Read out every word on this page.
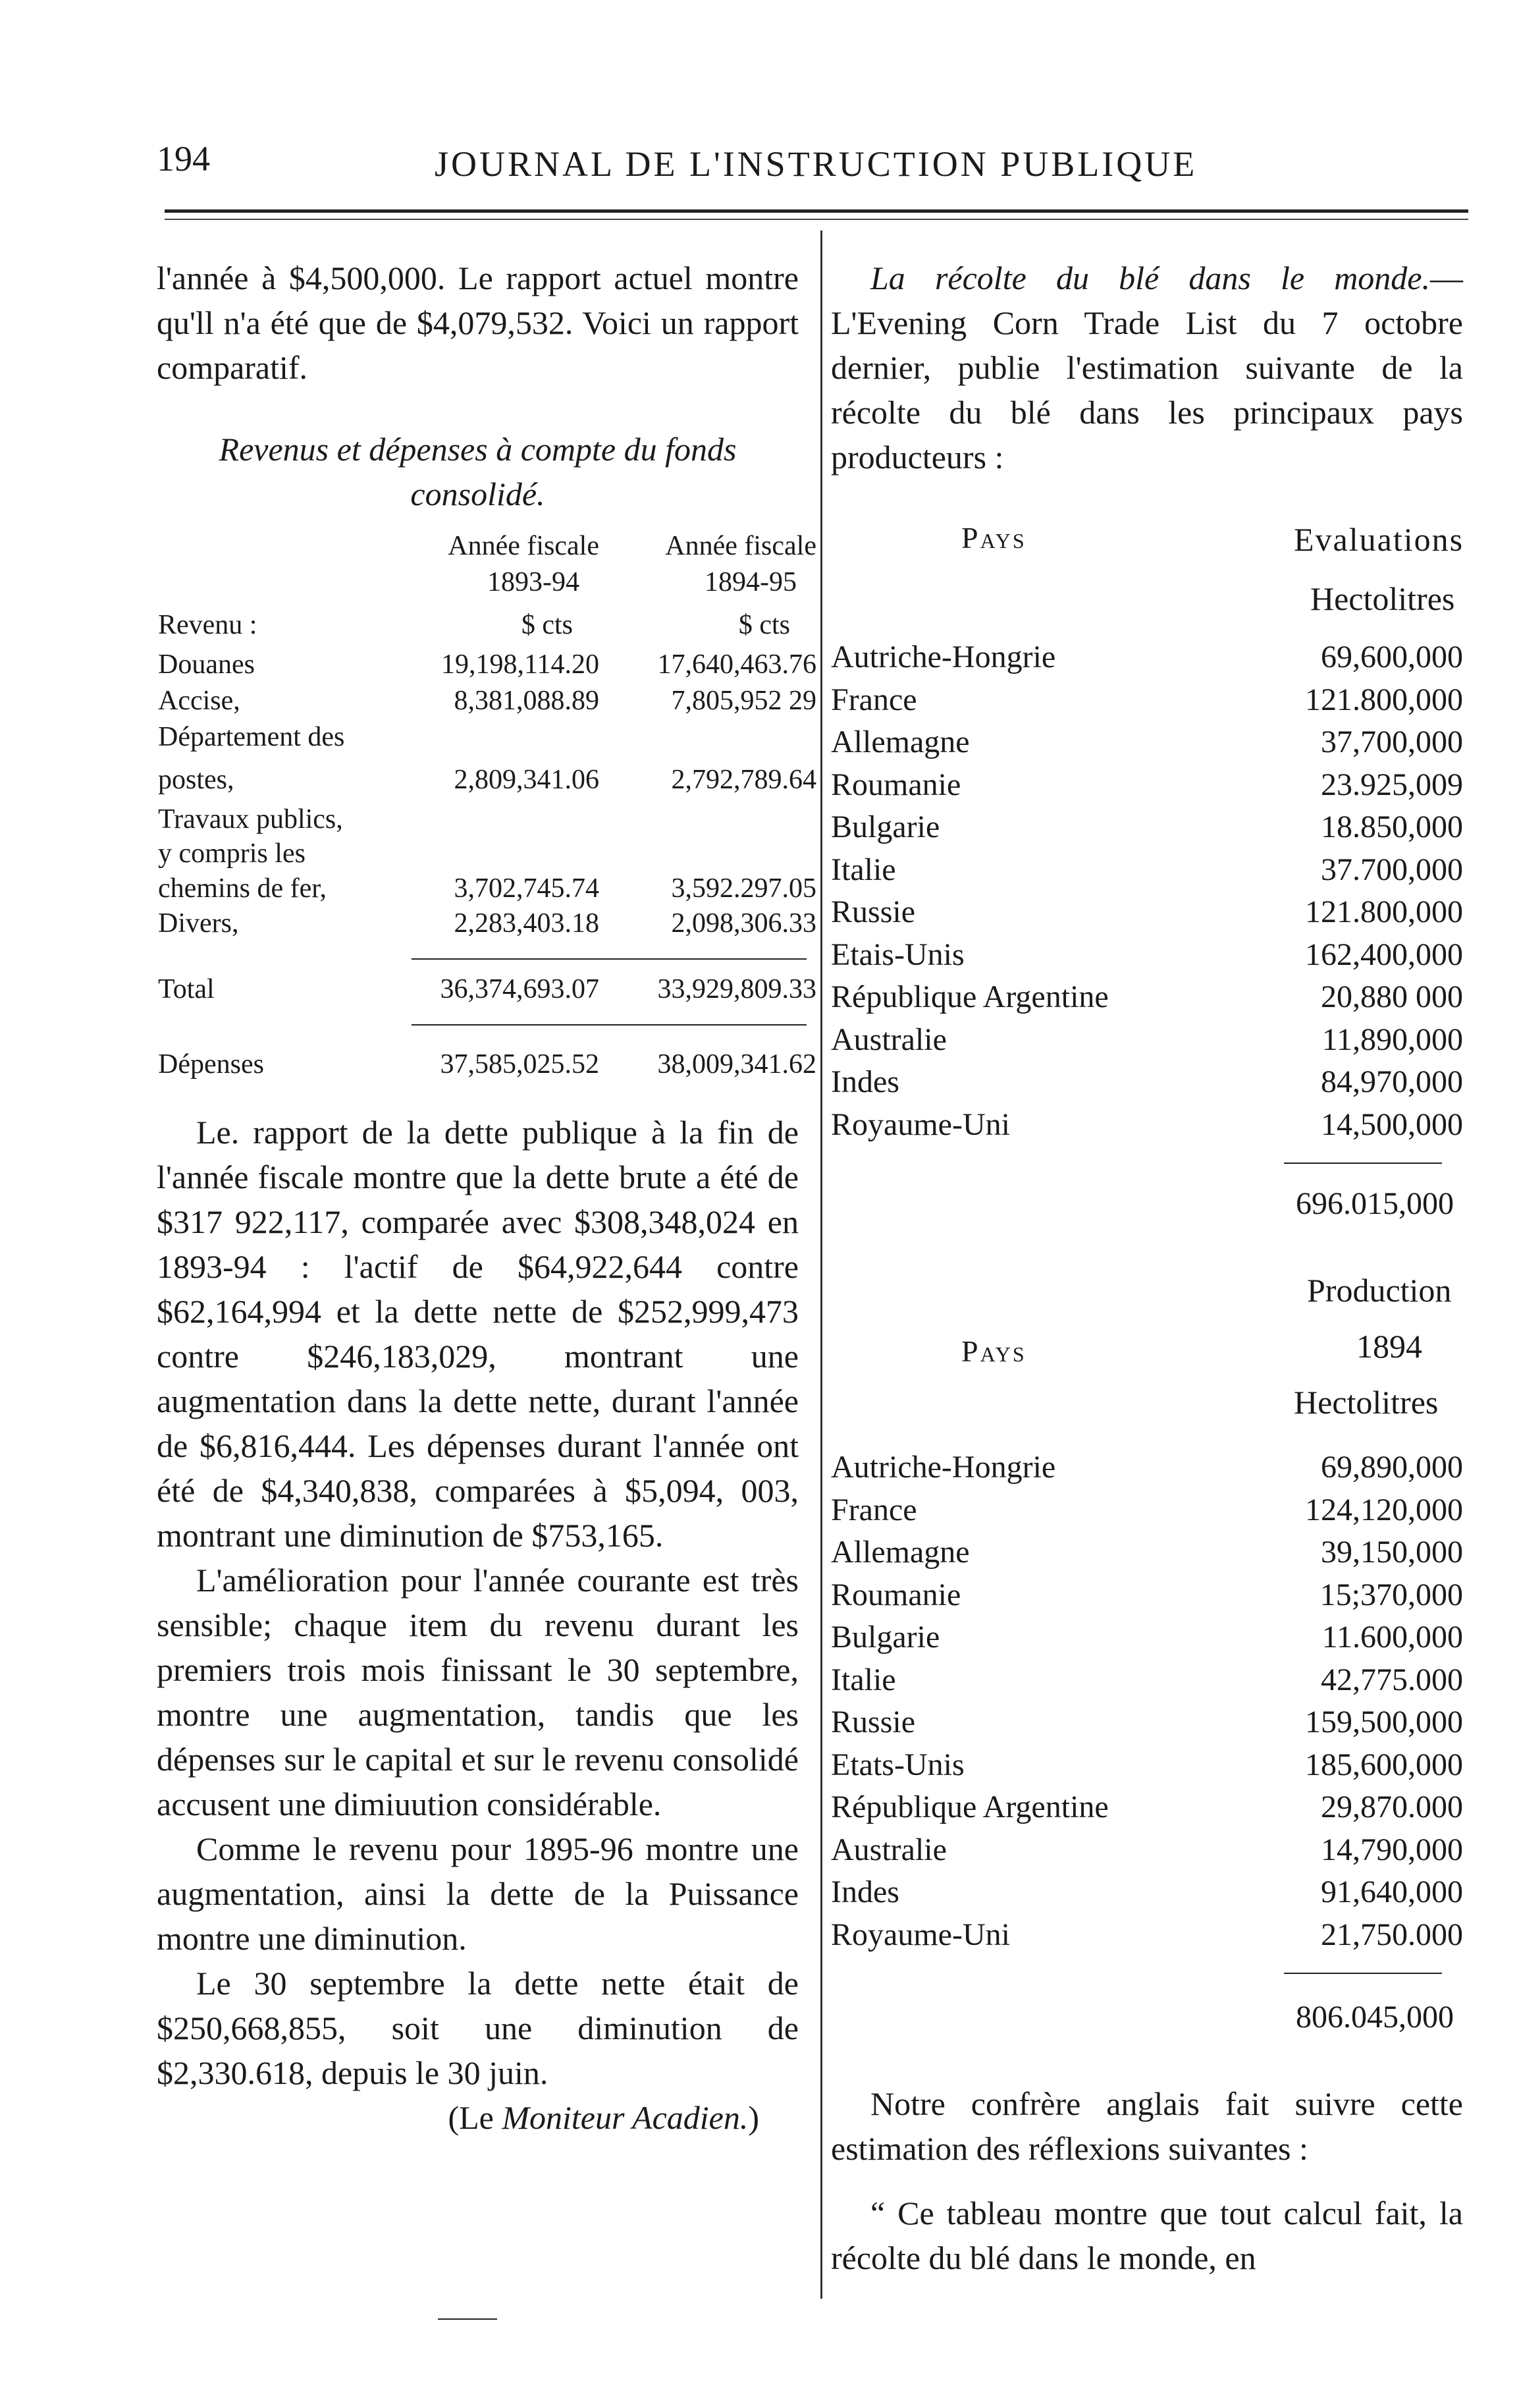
194	JOURNAL DE L'INSTRUCTION PUBLIQUE

l'année à $4,500,000. Le rapport actuel montre qu'll n'a été que de $4,079,532. Voici un rapport comparatif.

Revenus et dépenses à compte du fonds consolidé.

Année fiscale	Année fiscale
1893-94	1894-95
Revenu :	$ cts	$ cts
Douanes	19,198,114.20	17,640,463.76
Accise,	8,381,088.89	7,805,952 29
Département des
postes,	2,809,341.06	2,792,789.64
Travaux publics,
y compris les
chemins de fer,	3,702,745.74	3,592.297.05
Divers,	2,283,403.18	2,098,306.33
Total	36,374,693.07	33,929,809.33
Dépenses	37,585,025.52	38,009,341.62

Le. rapport de la dette publique à la fin de l'année fiscale montre que la dette brute a été de $317 922,117, comparée avec $308,348,024 en 1893-94 : l'actif de $64,922,644 contre $62,164,994 et la dette nette de $252,999,473 contre $246,183,029, montrant une augmentation dans la dette nette, durant l'année de $6,816,444. Les dépenses durant l'année ont été de $4,340,838, comparées à $5,094, 003, montrant une diminution de $753,165.

L'amélioration pour l'année courante est très sensible; chaque item du revenu durant les premiers trois mois finissant le 30 septembre, montre une augmentation, tandis que les dépenses sur le capital et sur le revenu consolidé accusent une dimiuution considérable.

Comme le revenu pour 1895-96 montre une augmentation, ainsi la dette de la Puissance montre une diminution.

Le 30 septembre la dette nette était de $250,668,855, soit une diminution de $2,330.618, depuis le 30 juin.

(Le Moniteur Acadien.)

La récolte du blé dans le monde.—L'Evening Corn Trade List du 7 octobre dernier, publie l'estimation suivante de la récolte du blé dans les principaux pays producteurs :

Pays	Evaluations
Hectolitres
Autriche-Hongrie	69,600,000
France	121.800,000
Allemagne	37,700,000
Roumanie	23.925,009
Bulgarie	18.850,000
Italie	37.700,000
Russie	121.800,000
Etais-Unis	162,400,000
République Argentine	20,880 000
Australie	11,890,000
Indes	84,970,000
Royaume-Uni	14,500,000
696.015,000
Production
Pays	1894
Hectolitres
Autriche-Hongrie	69,890,000
France	124,120,000
Allemagne	39,150,000
Roumanie	15;370,000
Bulgarie	11.600,000
Italie	42,775.000
Russie	159,500,000
Etats-Unis	185,600,000
République Argentine	29,870.000
Australie	14,790,000
Indes	91,640,000
Royaume-Uni	21,750.000
806.045,000

Notre confrère anglais fait suivre cette estimation des réflexions suivantes :

“ Ce tableau montre que tout calcul fait, la récolte du blé dans le monde, en
